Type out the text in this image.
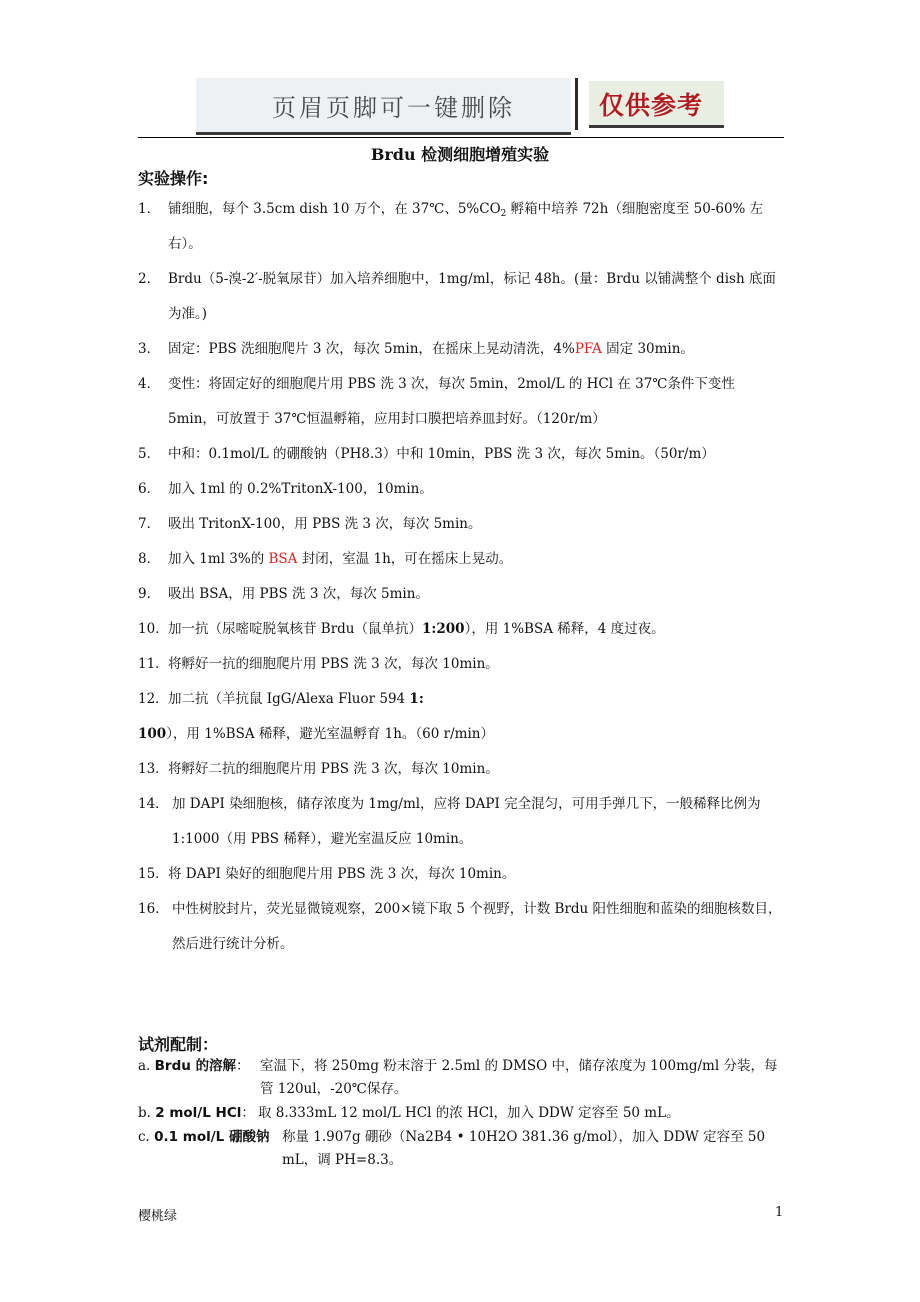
页眉页脚可一键删除	仅供参考
Brdu 检测细胞增殖实验
实验操作:
1． 铺细胞，每个 3.5cm dish 10 万个，在 37℃、$5\%CO_2$ 孵箱中培养 72h（细胞密度至 50-60% 左右）。
2． Brdu（5-溴-2′-脱氧尿苷）加入培养细胞中，1mg/ml，标记 48h。(量：Brdu 以铺满整个 dish 底面为准。)
3． 固定：PBS 洗细胞爬片 3 次，每次 5min，在摇床上晃动清洗，4%PFA 固定 30min。
4． 变性：将固定好的细胞爬片用 PBS 洗 3 次，每次 5min，2mol/L 的 HCl 在 37℃条件下变性 5min，可放置于 37℃恒温孵箱，应用封口膜把培养皿封好。（120r/m）
5． 中和：0.1mol/L 的硼酸钠（PH8.3）中和 10min，PBS 洗 3 次，每次 5min。（50r/m）
6． 加入 1ml 的 0.2%TritonX-100，10min。
7． 吸出 TritonX-100，用 PBS 洗 3 次，每次 5min。
8． 加入 1ml 3%的 BSA 封闭，室温 1h，可在摇床上晃动。
9． 吸出 BSA，用 PBS 洗 3 次，每次 5min。
10．加一抗（尿嘧啶脱氧核苷 Brdu（鼠单抗）1:200），用 1%BSA 稀释，4 度过夜。
11．将孵好一抗的细胞爬片用 PBS 洗 3 次，每次 10min。
12．加二抗（羊抗鼠 IgG/Alexa Fluor 594 1: 100），用 1%BSA 稀释，避光室温孵育 1h。（60 r/min）
13．将孵好二抗的细胞爬片用 PBS 洗 3 次，每次 10min。
14． 加 DAPI 染细胞核，储存浓度为 1mg/ml，应将 DAPI 完全混匀，可用手弹几下，一般稀释比例为 1:1000（用 PBS 稀释），避光室温反应 10min。
15．将 DAPI 染好的细胞爬片用 PBS 洗 3 次，每次 10min。
16． 中性树胶封片，荧光显微镜观察，200×镜下取 5 个视野，计数 Brdu 阳性细胞和蓝染的细胞核数目，然后进行统计分析。
试剂配制：
a. Brdu 的溶解： 室温下，将 250mg 粉末溶于 2.5ml 的 DMSO 中，储存浓度为 100mg/ml 分装，每管 120ul，-20℃保存。
b. 2 mol/L HCl： 取 8.333mL 12 mol/L HCl 的浓 HCl，加入 DDW 定容至 50 mL。
c. 0.1 mol/L 硼酸钠 称量 1.907g 硼砂（Na2B4 • 10H2O 381.36 g/mol），加入 DDW 定容至 50 mL，调 PH=8.3。
樱桃绿	1
